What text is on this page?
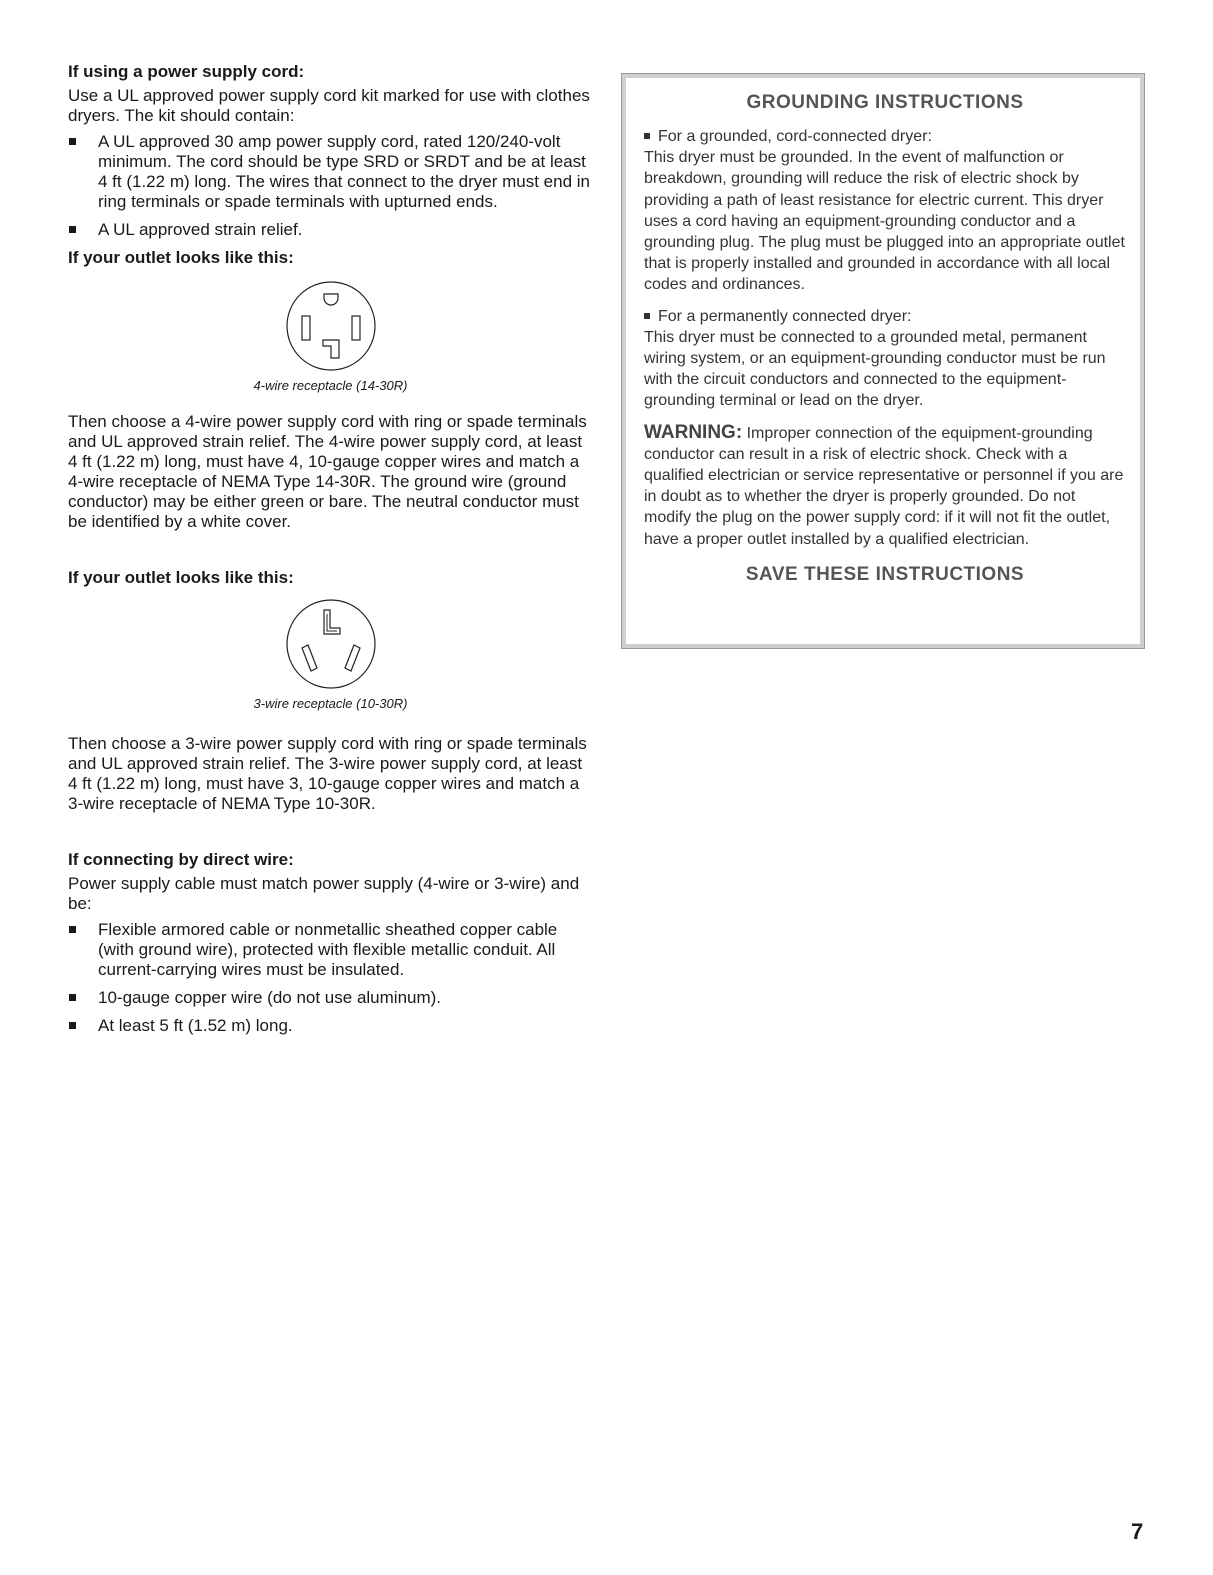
If using a power supply cord:

Use a UL approved power supply cord kit marked for use with clothes dryers. The kit should contain:

A UL approved 30 amp power supply cord, rated 120/240-volt minimum. The cord should be type SRD or SRDT and be at least 4 ft (1.22 m) long. The wires that connect to the dryer must end in ring terminals or spade terminals with upturned ends.
A UL approved strain relief.
If your outlet looks like this:
4-wire receptacle (14-30R)

Then choose a 4-wire power supply cord with ring or spade terminals and UL approved strain relief. The 4-wire power supply cord, at least 4 ft (1.22 m) long, must have 4, 10-gauge copper wires and match a 4-wire receptacle of NEMA Type 14-30R. The ground wire (ground conductor) may be either green or bare. The neutral conductor must be identified by a white cover.

If your outlet looks like this:
3-wire receptacle (10-30R)

Then choose a 3-wire power supply cord with ring or spade terminals and UL approved strain relief. The 3-wire power supply cord, at least 4 ft (1.22 m) long, must have 3, 10-gauge copper wires and match a 3-wire receptacle of NEMA Type 10-30R.

If connecting by direct wire:

Power supply cable must match power supply (4-wire or 3-wire) and be:

Flexible armored cable or nonmetallic sheathed copper cable (with ground wire), protected with flexible metallic conduit. All current-carrying wires must be insulated.
10-gauge copper wire (do not use aluminum).
At least 5 ft (1.52 m) long.
GROUNDING INSTRUCTIONS

For a grounded, cord-connected dryer:

This dryer must be grounded. In the event of malfunction or breakdown, grounding will reduce the risk of electric shock by providing a path of least resistance for electric current. This dryer uses a cord having an equipment-grounding conductor and a grounding plug. The plug must be plugged into an appropriate outlet that is properly installed and grounded in accordance with all local codes and ordinances.

For a permanently connected dryer:

This dryer must be connected to a grounded metal, permanent wiring system, or an equipment-grounding conductor must be run with the circuit conductors and connected to the equipment-grounding terminal or lead on the dryer.

WARNING: Improper connection of the equipment-grounding conductor can result in a risk of electric shock. Check with a qualified electrician or service representative or personnel if you are in doubt as to whether the dryer is properly grounded. Do not modify the plug on the power supply cord: if it will not fit the outlet, have a proper outlet installed by a qualified electrician.

SAVE THESE INSTRUCTIONS
7
